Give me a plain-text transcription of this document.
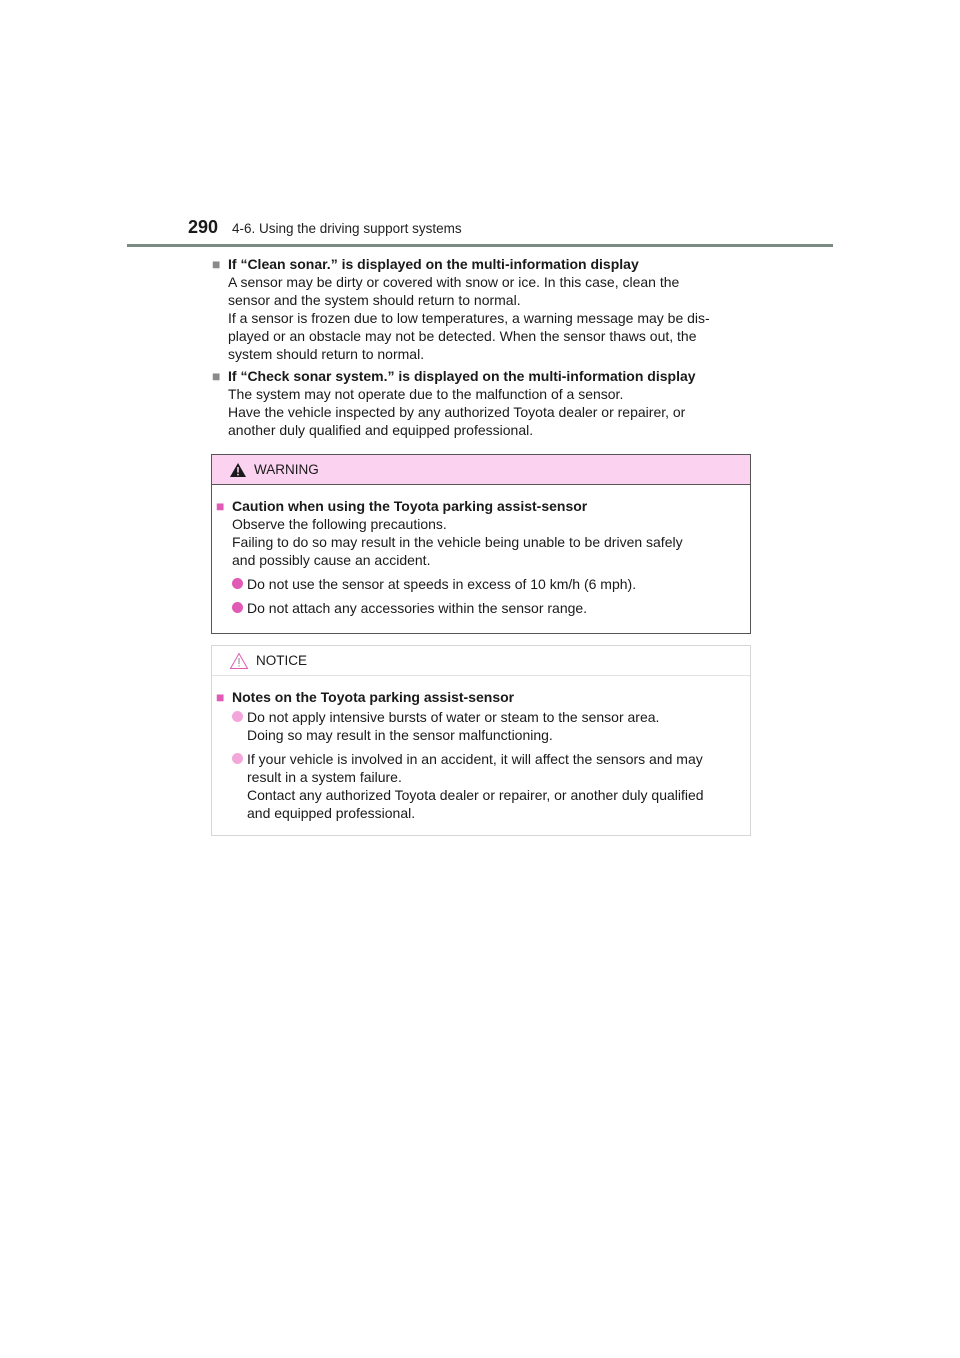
290	4-6. Using the driving support systems
■ If “Clean sonar.” is displayed on the multi-information display
A sensor may be dirty or covered with snow or ice. In this case, clean the
sensor and the system should return to normal.
If a sensor is frozen due to low temperatures, a warning message may be dis-
played or an obstacle may not be detected. When the sensor thaws out, the
system should return to normal.
■ If “Check sonar system.” is displayed on the multi-information display
The system may not operate due to the malfunction of a sensor.
Have the vehicle inspected by any authorized Toyota dealer or repairer, or
another duly qualified and equipped professional.
WARNING
■ Caution when using the Toyota parking assist-sensor
Observe the following precautions.
Failing to do so may result in the vehicle being unable to be driven safely
and possibly cause an accident.
Do not use the sensor at speeds in excess of 10 km/h (6 mph).
Do not attach any accessories within the sensor range.
NOTICE
■ Notes on the Toyota parking assist-sensor
Do not apply intensive bursts of water or steam to the sensor area.
Doing so may result in the sensor malfunctioning.
If your vehicle is involved in an accident, it will affect the sensors and may
result in a system failure.
Contact any authorized Toyota dealer or repairer, or another duly qualified
and equipped professional.
